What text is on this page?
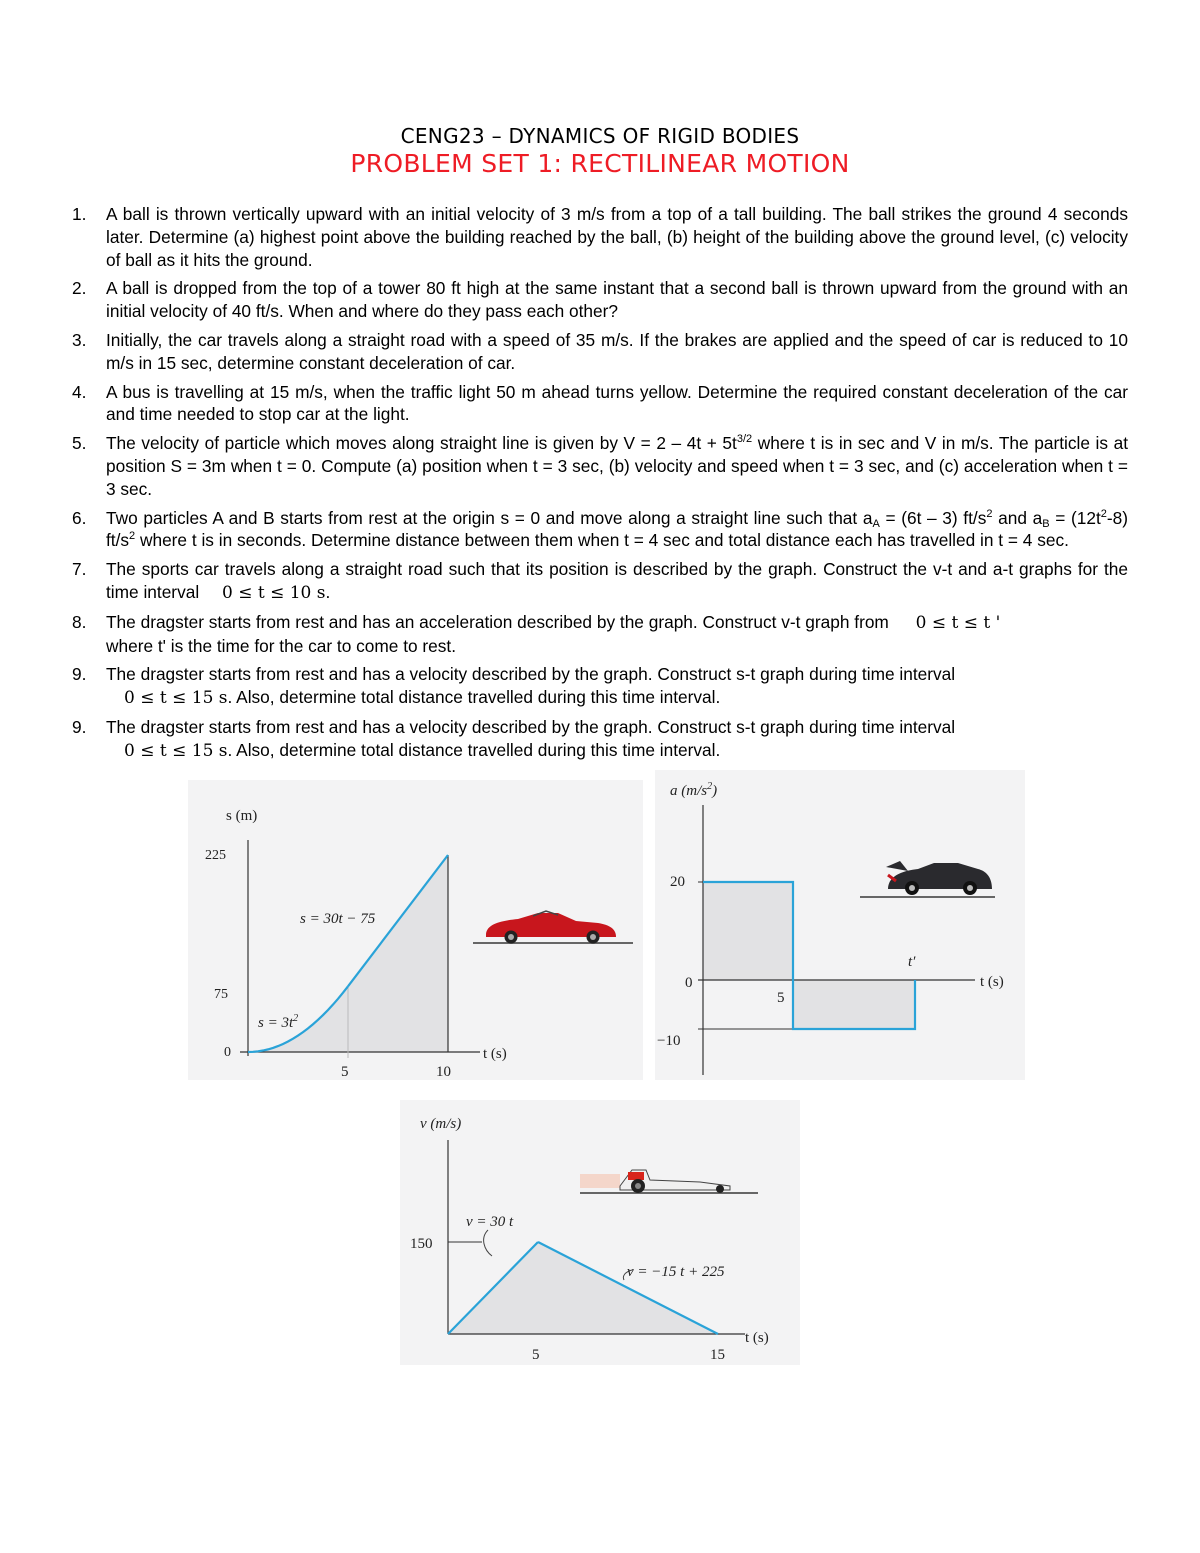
CENG23 – DYNAMICS OF RIGID BODIES
PROBLEM SET 1: RECTILINEAR MOTION
1.	A ball is thrown vertically upward with an initial velocity of 3 m/s from a top of a tall building. The ball strikes the ground 4 seconds later. Determine (a) highest point above the building reached by the ball, (b) height of the building above the ground level, (c) velocity of ball as it hits the ground.
2.	A ball is dropped from the top of a tower 80 ft high at the same instant that a second ball is thrown upward from the ground with an initial velocity of 40 ft/s. When and where do they pass each other?
3.	Initially, the car travels along a straight road with a speed of 35 m/s. If the brakes are applied and the speed of car is reduced to 10 m/s in 15 sec, determine constant deceleration of car.
4.	A bus is travelling at 15 m/s, when the traffic light 50 m ahead turns yellow. Determine the required constant deceleration of the car and time needed to stop car at the light.
5.	The velocity of particle which moves along straight line is given by $V = 2 - 4t + 5t^{3/2}$ where t is in sec and V in m/s. The particle is at position S = 3m when t = 0. Compute (a) position when t = 3 sec, (b) velocity and speed when t = 3 sec, and (c) acceleration when t = 3 sec.
6.	Two particles A and B starts from rest at the origin s = 0 and move along a straight line such that $a_A = (6t - 3)$ $ft/s^2$ and $a_B = (12t^2-8)$ $ft/s^2$ where t is in seconds. Determine distance between them when t = 4 sec and total distance each has travelled in t = 4 sec.
7.	The sports car travels along a straight road such that its position is described by the graph. Construct the v-t and a-t graphs for the time interval 0 ≤ t ≤ 10 s.
8.	The dragster starts from rest and has an acceleration described by the graph. Construct v-t graph from 0 ≤ t ≤ t '
where t' is the time for the car to come to rest.
9.	The dragster starts from rest and has a velocity described by the graph. Construct s-t graph during time interval
0 ≤ t ≤ 15 s. Also, determine total distance travelled during this time interval.
9.	The dragster starts from rest and has a velocity described by the graph. Construct s-t graph during time interval
0 ≤ t ≤ 15 s. Also, determine total distance travelled during this time interval.
s (m)
225
75
0
5	10
t (s)
$s = 3t^2$
s = 30t − 75
a $(m/s^2)$
20
0
−10
5
t′
t (s)
v (m/s)
150
5	15
t (s)
v = 30 t
v = −15 t + 225
